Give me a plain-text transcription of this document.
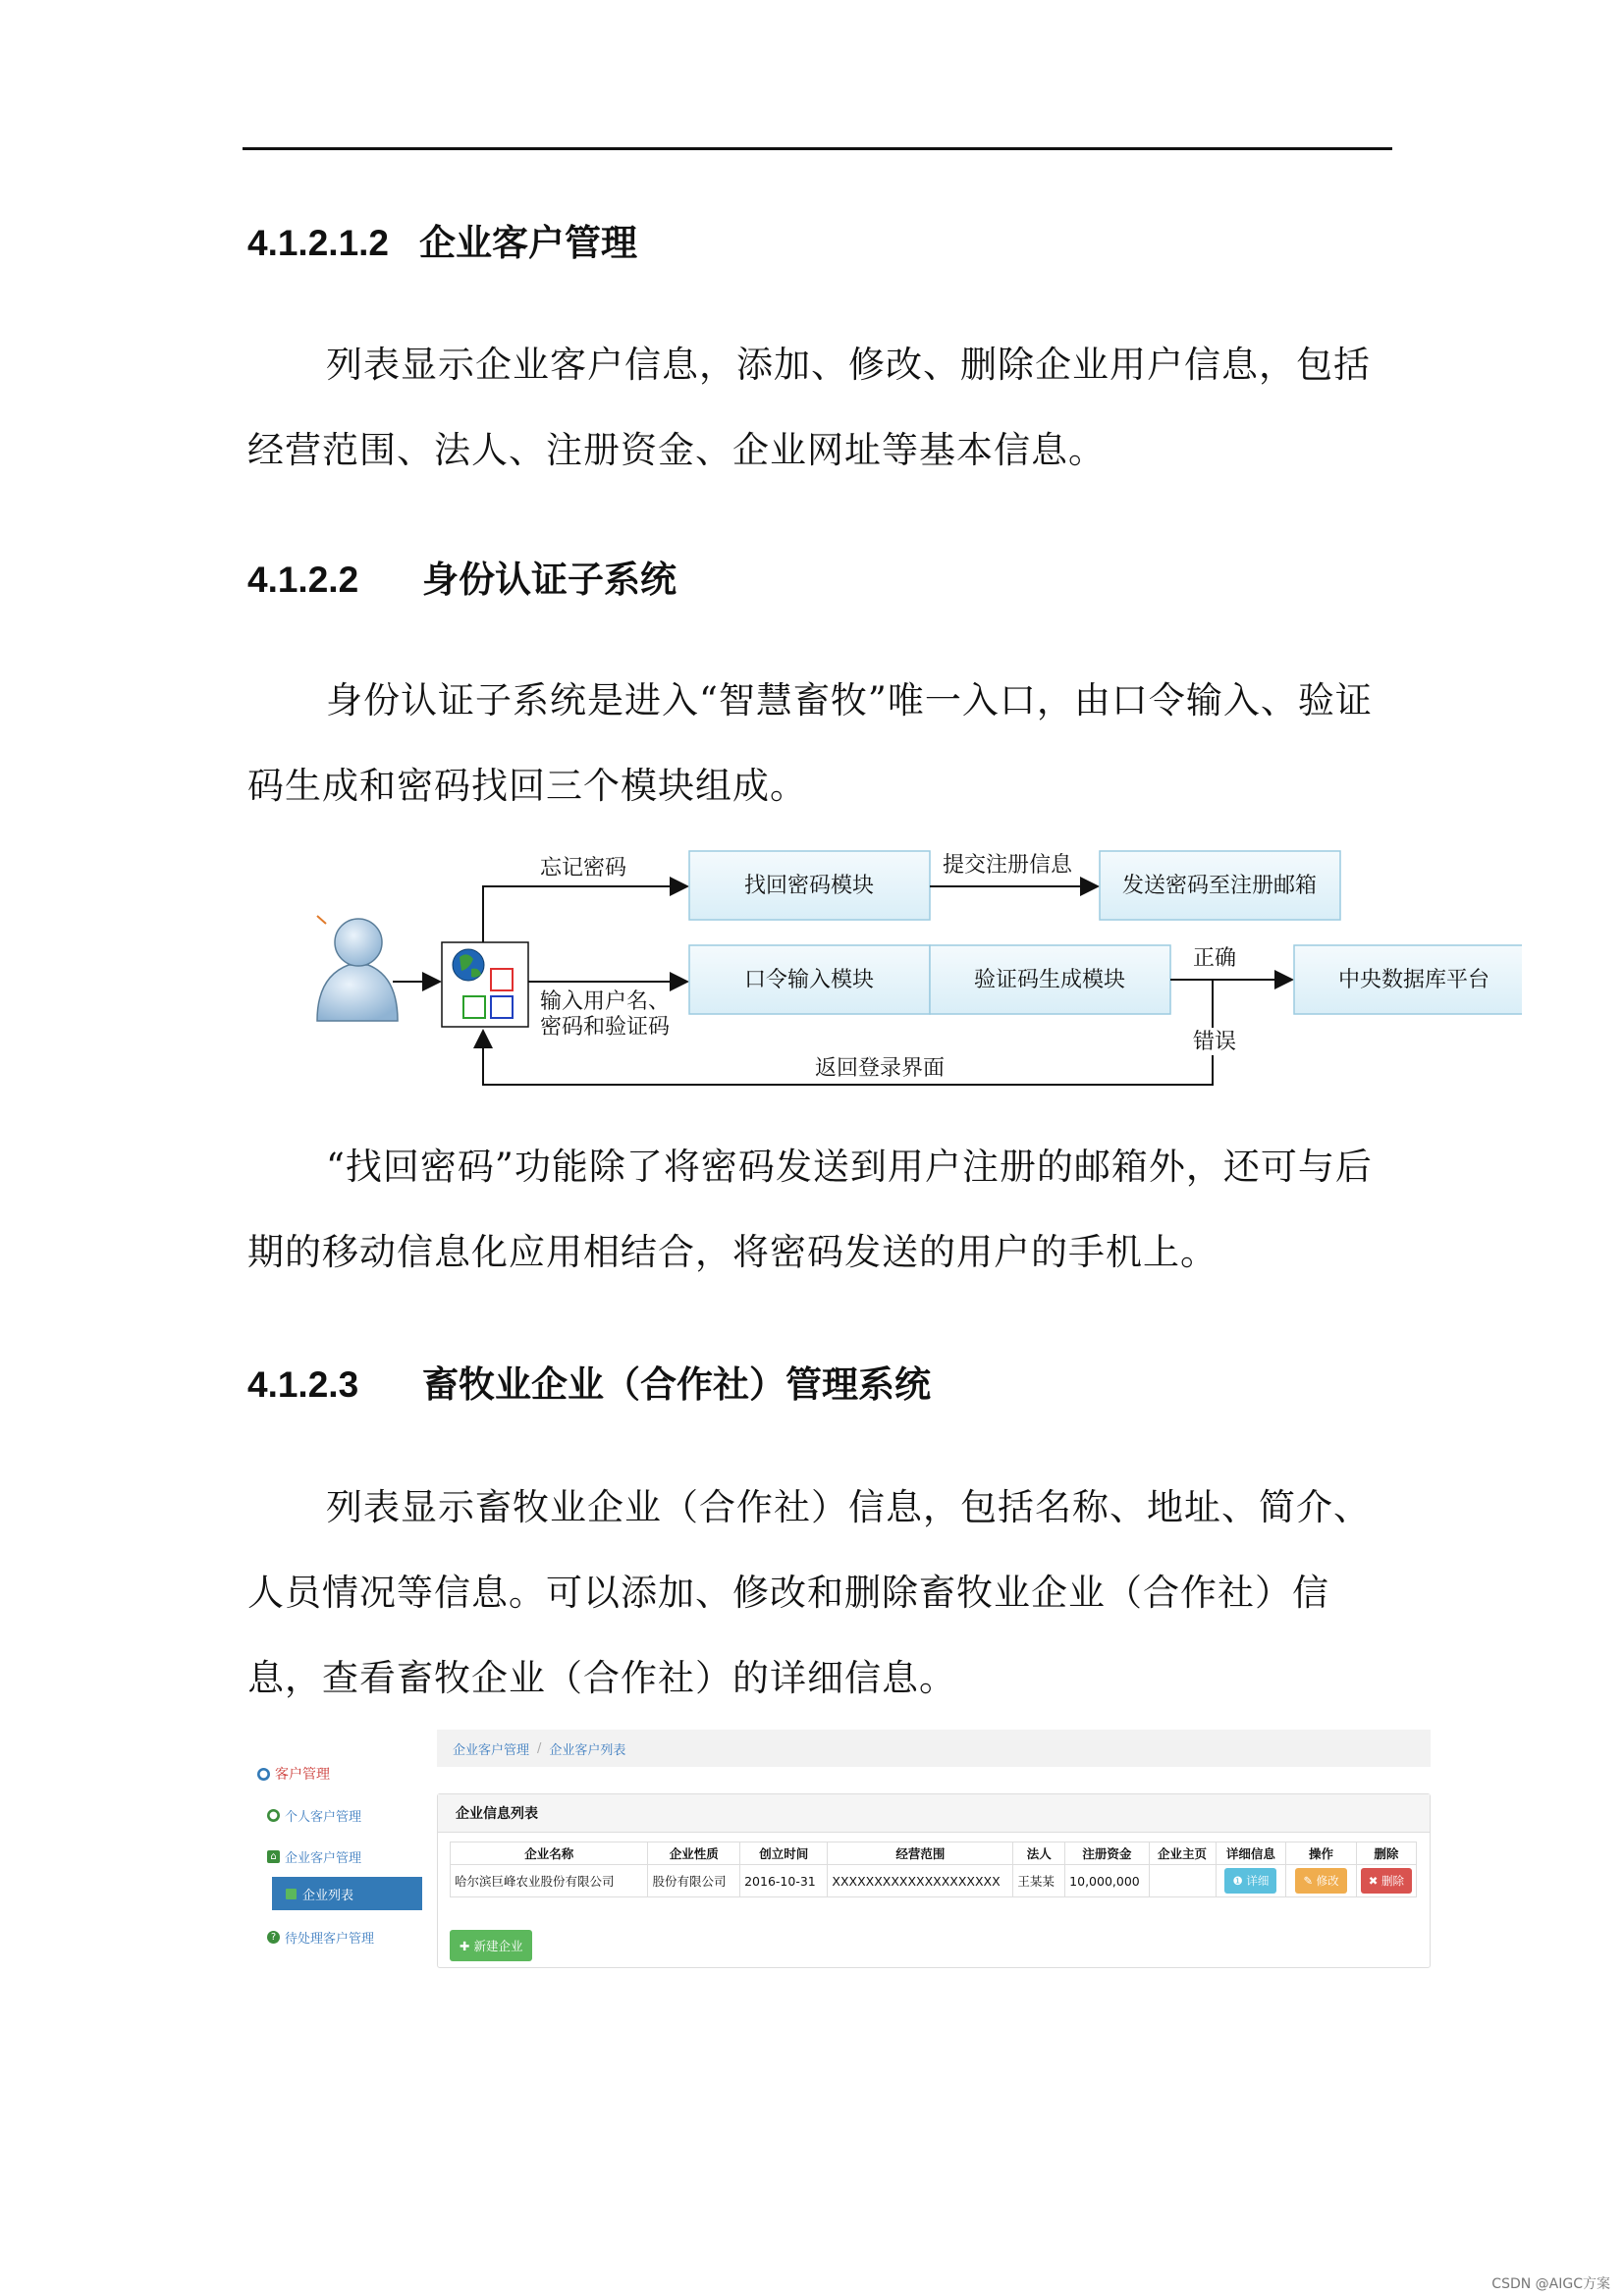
4.1.2.1.2 企业客户管理

列表显示企业客户信息，添加、修改、删除企业用户信息，包括经营范围、法人、注册资金、企业网址等基本信息。

4.1.2.2 身份认证子系统

身份认证子系统是进入“智慧畜牧”唯一入口，由口令输入、验证码生成和密码找回三个模块组成。

忘记密码
找回密码模块
提交注册信息
发送密码至注册邮箱
输入用户名、
密码和验证码
口令输入模块	验证码生成模块
正确
中央数据库平台
错误
返回登录界面

“找回密码”功能除了将密码发送到用户注册的邮箱外，还可与后期的移动信息化应用相结合，将密码发送的用户的手机上。

4.1.2.3 畜牧业企业（合作社）管理系统

列表显示畜牧业企业（合作社）信息，包括名称、地址、简介、人员情况等信息。可以添加、修改和删除畜牧业企业（合作社）信息，查看畜牧企业（合作社）的详细信息。

● 客户管理
● 个人客户管理
⌂ 企业客户管理
企业列表
? 待处理客户管理
企业客户管理 / 企业客户列表
企业信息列表
企业名称	企业性质	创立时间	经营范围	法人	注册资金	企业主页	详细信息	操作	删除
哈尔滨巨峰农业股份有限公司	股份有限公司	2016-10-31	XXXXXXXXXXXXXXXXXXXX	王某某	10,000,000		❶ 详细	✎ 修改	✖ 删除
✚ 新建企业
CSDN @AIGC方案
